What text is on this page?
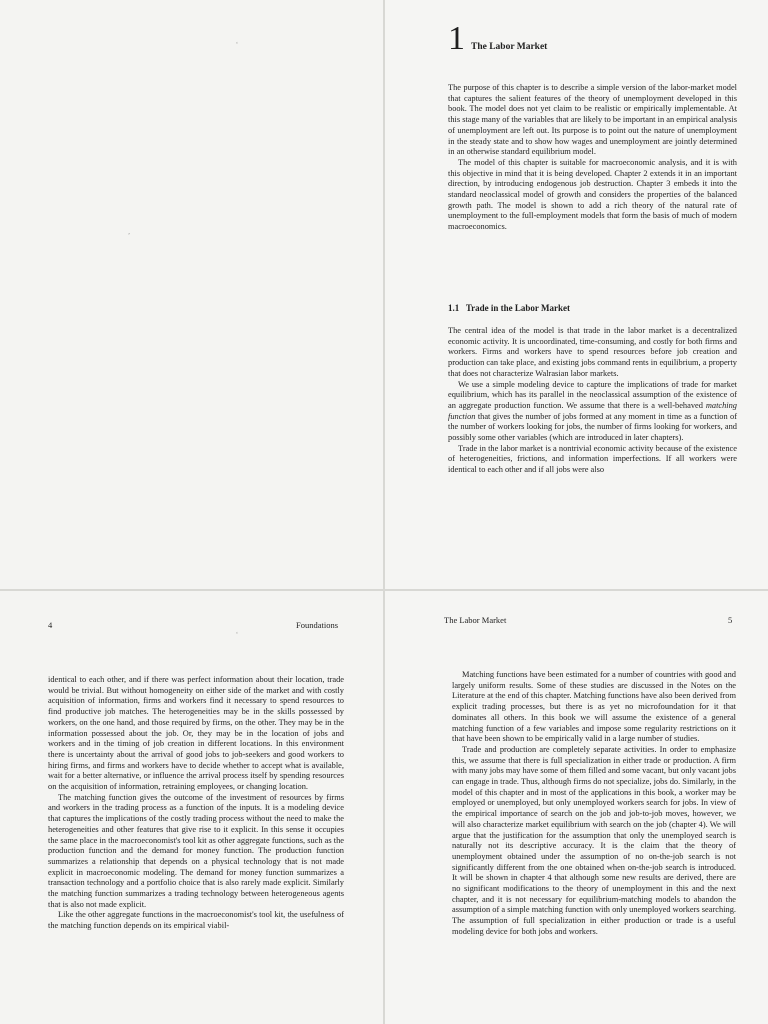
‘
’
1 The Labor Market

The purpose of this chapter is to describe a simple version of the labor-market model that captures the salient features of the theory of unemployment developed in this book. The model does not yet claim to be realistic or empirically implementable. At this stage many of the variables that are likely to be important in an empirical analysis of unemployment are left out. Its purpose is to point out the nature of unemployment in the steady state and to show how wages and unemployment are jointly determined in an otherwise standard equilibrium model.

The model of this chapter is suitable for macroeconomic analysis, and it is with this objective in mind that it is being developed. Chapter 2 extends it in an important direction, by introducing endogenous job destruction. Chapter 3 embeds it into the standard neoclassical model of growth and considers the properties of the balanced growth path. The model is shown to add a rich theory of the natural rate of unemployment to the full-employment models that form the basis of much of modern macroeconomics.

1.1 Trade in the Labor Market

The central idea of the model is that trade in the labor market is a decentralized economic activity. It is uncoordinated, time-consuming, and costly for both firms and workers. Firms and workers have to spend resources before job creation and production can take place, and existing jobs command rents in equilibrium, a property that does not characterize Walrasian labor markets.

We use a simple modeling device to capture the implications of trade for market equilibrium, which has its parallel in the neoclassical assumption of the existence of an aggregate production function. We assume that there is a well-behaved matching function that gives the number of jobs formed at any moment in time as a function of the number of workers looking for jobs, the number of firms looking for workers, and possibly some other variables (which are introduced in later chapters).

Trade in the labor market is a nontrivial economic activity because of the existence of heterogeneities, frictions, and information imperfections. If all workers were identical to each other and if all jobs were also

4	Foundations
‘

identical to each other, and if there was perfect information about their location, trade would be trivial. But without homogeneity on either side of the market and with costly acquisition of information, firms and workers find it necessary to spend resources to find productive job matches. The heterogeneities may be in the skills possessed by workers, on the one hand, and those required by firms, on the other. They may be in the information possessed about the job. Or, they may be in the location of jobs and workers and in the timing of job creation in different locations. In this environment there is uncertainty about the arrival of good jobs to job-seekers and good workers to hiring firms, and firms and workers have to decide whether to accept what is available, wait for a better alternative, or influence the arrival process itself by spending resources on the acquisition of information, retraining employees, or changing location.

The matching function gives the outcome of the investment of resources by firms and workers in the trading process as a function of the inputs. It is a modeling device that captures the implications of the costly trading process without the need to make the heterogeneities and other features that give rise to it explicit. In this sense it occupies the same place in the macroeconomist's tool kit as other aggregate functions, such as the production function and the demand for money function. The production function summarizes a relationship that depends on a physical technology that is not made explicit in macroeconomic modeling. The demand for money function summarizes a transaction technology and a portfolio choice that is also rarely made explicit. Similarly the matching function summarizes a trading technology between heterogeneous agents that is also not made explicit.

Like the other aggregate functions in the macroeconomist's tool kit, the usefulness of the matching function depends on its empirical viabil-

The Labor Market	5

Matching functions have been estimated for a number of countries with good and largely uniform results. Some of these studies are discussed in the Notes on the Literature at the end of this chapter. Matching functions have also been derived from explicit trading processes, but there is as yet no microfoundation for it that dominates all others. In this book we will assume the existence of a general matching function of a few variables and impose some regularity restrictions on it that have been shown to be empirically valid in a large number of studies.

Trade and production are completely separate activities. In order to emphasize this, we assume that there is full specialization in either trade or production. A firm with many jobs may have some of them filled and some vacant, but only vacant jobs can engage in trade. Thus, although firms do not specialize, jobs do. Similarly, in the model of this chapter and in most of the applications in this book, a worker may be employed or unemployed, but only unemployed workers search for jobs. In view of the empirical importance of search on the job and job-to-job moves, however, we will also characterize market equilibrium with search on the job (chapter 4). We will argue that the justification for the assumption that only the unemployed search is naturally not its descriptive accuracy. It is the claim that the theory of unemployment obtained under the assumption of no on-the-job search is not significantly different from the one obtained when on-the-job search is introduced. It will be shown in chapter 4 that although some new results are derived, there are no significant modifications to the theory of unemployment in this and the next chapter, and it is not necessary for equilibrium-matching models to abandon the assumption of a simple matching function with only unemployed workers searching. The assumption of full specialization in either production or trade is a useful modeling device for both jobs and workers.
